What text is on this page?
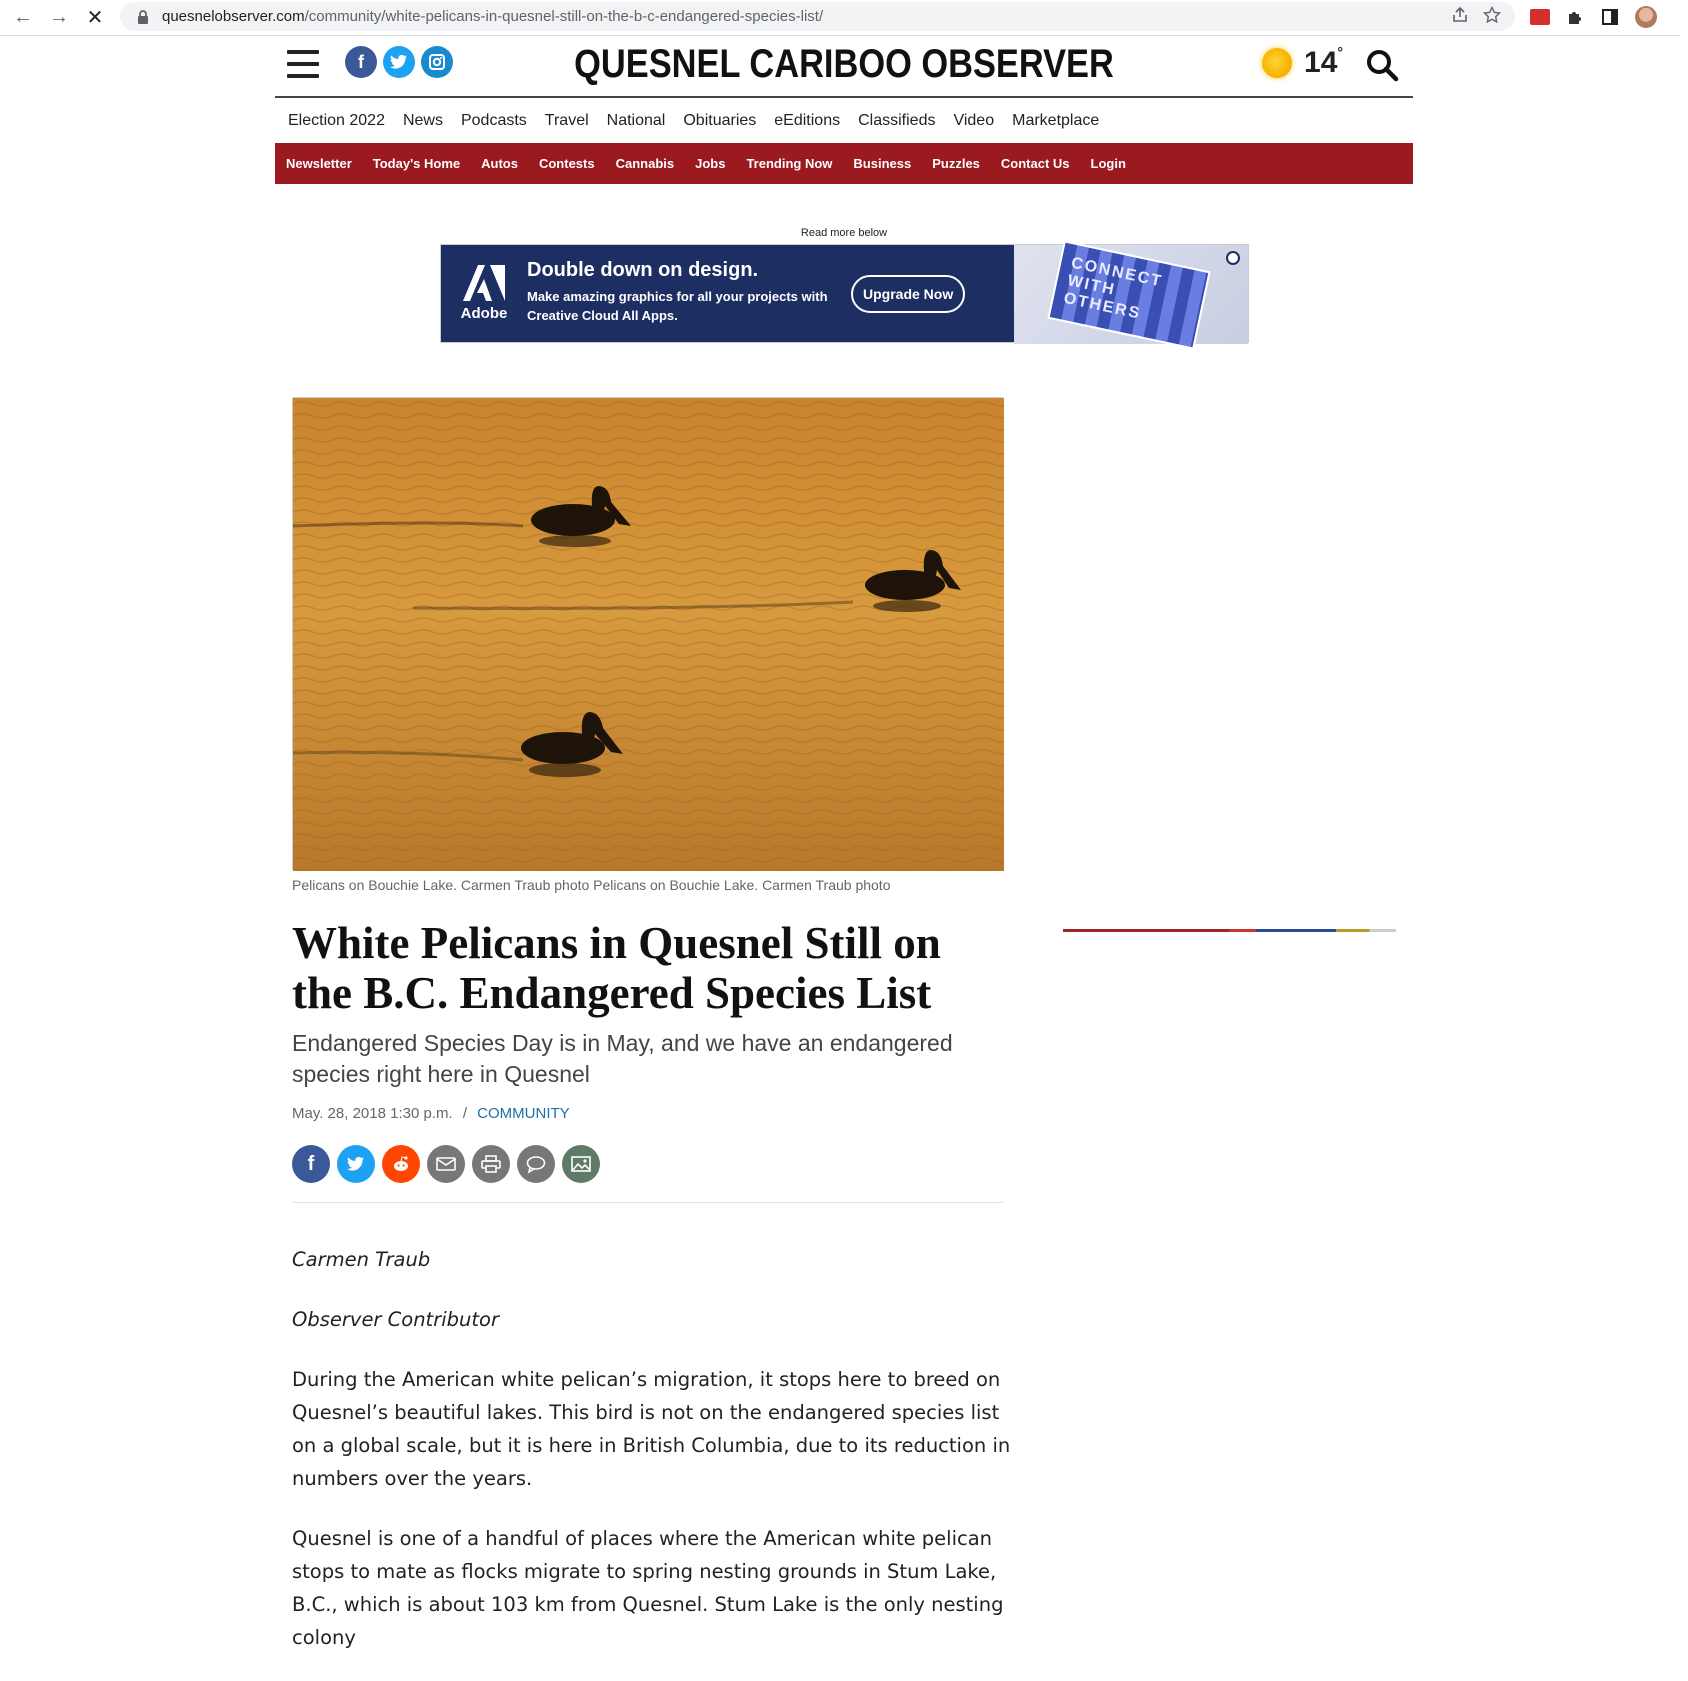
← → ✕	quesnelobserver.com /community/white-pelicans-in-quesnel-still-on-the-b-c-endangered-species-list/
f	QUESNEL CARIBOO OBSERVER	14°
Election 2022 News Podcasts Travel National Obituaries eEditions Classifieds Video Marketplace
Newsletter Today's Home Autos Contests Cannabis Jobs Trending Now Business Puzzles Contact Us Login
Read more below
Adobe
Double down on design.
Make amazing graphics for all your projects with Creative Cloud All Apps.
Upgrade Now
CONNECT WITH OTHERS
Pelicans on Bouchie Lake. Carmen Traub photo Pelicans on Bouchie Lake. Carmen Traub photo
White Pelicans in Quesnel Still on the B.C. Endangered Species List
Endangered Species Day is in May, and we have an endangered species right here in Quesnel
May. 28, 2018 1:30 p.m. / COMMUNITY
f

Carmen Traub

Observer Contributor

During the American white pelican’s migration, it stops here to breed on Quesnel’s beautiful lakes. This bird is not on the endangered species list on a global scale, but it is here in British Columbia, due to its reduction in numbers over the years.

Quesnel is one of a handful of places where the American white pelican stops to mate as flocks migrate to spring nesting grounds in Stum Lake, B.C., which is about 103 km from Quesnel. Stum Lake is the only nesting colony
